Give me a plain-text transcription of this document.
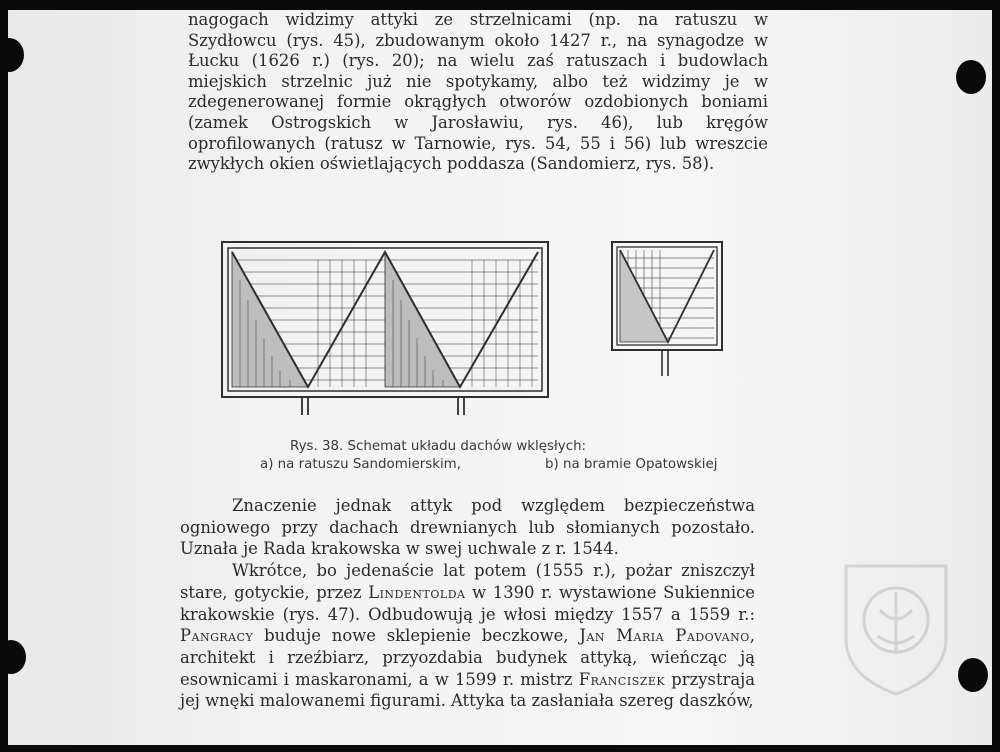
nagogach widzimy attyki ze strzelnicami (np. na ratuszu w Szydłowcu (rys. 45), zbudowanym około 1427 r., na synagodze w Łucku (1626 r.) (rys. 20); na wielu zaś ratuszach i budowlach miejskich strzelnic już nie spotykamy, albo też widzimy je w zdegenerowanej formie okrągłych otworów ozdobionych boniami (zamek Ostrogskich w Jarosławiu, rys. 46), lub kręgów oprofilowanych (ratusz w Tarnowie, rys. 54, 55 i 56) lub wreszcie zwykłych okien oświetlających poddasza (Sandomierz, rys. 58).

Rys. 38. Schemat układu dachów wklęsłych:
a) na ratuszu Sandomierskim,	b) na bramie Opatowskiej

Znaczenie jednak attyk pod względem bezpieczeństwa ogniowego przy dachach drewnianych lub słomianych pozostało. Uznała je Rada krakowska w swej uchwale z r. 1544.

Wkrótce, bo jedenaście lat potem (1555 r.), pożar zniszczył stare, gotyckie, przez Lindentolda w 1390 r. wystawione Sukiennice krakowskie (rys. 47). Odbudowują je włosi między 1557 a 1559 r.: Pangracy buduje nowe sklepienie beczkowe, Jan Maria Padovano, architekt i rzeźbiarz, przyozdabia budynek attyką, wieńcząc ją esownicami i maskaronami, a w 1599 r. mistrz Franciszek przystraja jej wnęki malowanemi figurami. Attyka ta zasłaniała szereg daszków,
